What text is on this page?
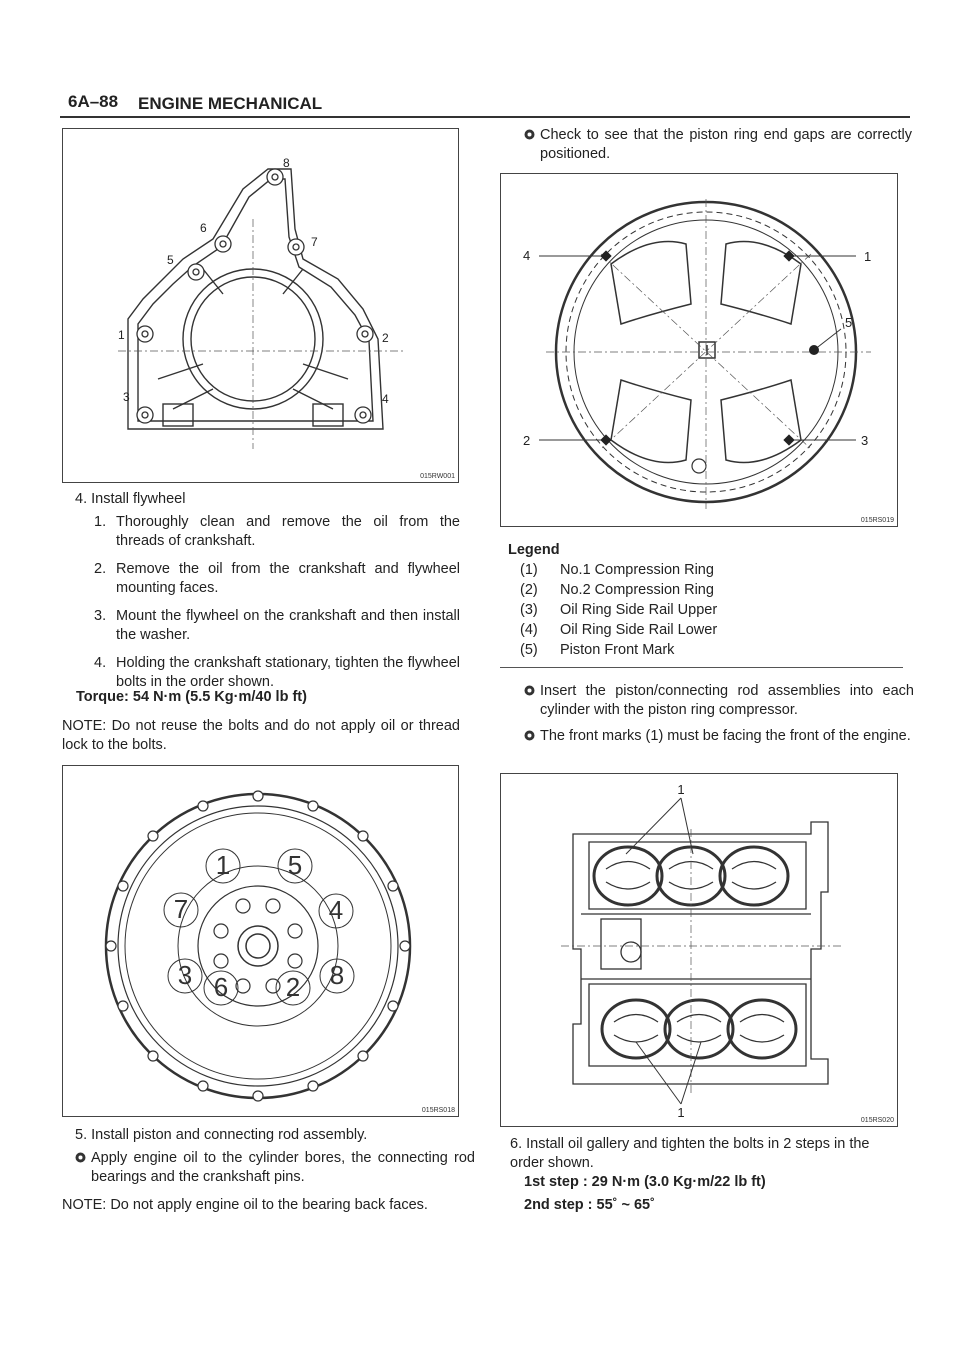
6A–88 ENGINE MECHANICAL
1	2
3	4
5
6
7
8
015RW001
4. Install flywheel
1. Thoroughly clean and remove the oil from the threads of crankshaft.
2. Remove the oil from the crankshaft and flywheel mounting faces.
3. Mount the flywheel on the crankshaft and then install the washer.
4. Holding the crankshaft stationary, tighten the flywheel bolts in the order shown.
Torque: 54 N·m (5.5 Kg·m/40 lb ft)
NOTE: Do not reuse the bolts and do not apply oil or thread lock to the bolts.
1
2
3
4
5
6
7
8
015RS018
5. Install piston and connecting rod assembly.
Apply engine oil to the cylinder bores, the connecting rod bearings and the crankshaft pins.
NOTE: Do not apply engine oil to the bearing back faces.
Check to see that the piston ring end gaps are correctly positioned.
1
2	3
4
5
015RS019
Legend
(1) No.1 Compression Ring
(2) No.2 Compression Ring
(3) Oil Ring Side Rail Upper
(4) Oil Ring Side Rail Lower
(5) Piston Front Mark
Insert the piston/connecting rod assemblies into each cylinder with the piston ring compressor.
The front marks (1) must be facing the front of the engine.
1
1
015RS020
6. Install oil gallery and tighten the bolts in 2 steps in the order shown.
1st step : 29 N·m (3.0 Kg·m/22 lb ft)
2nd step : 55˚ ~ 65˚
